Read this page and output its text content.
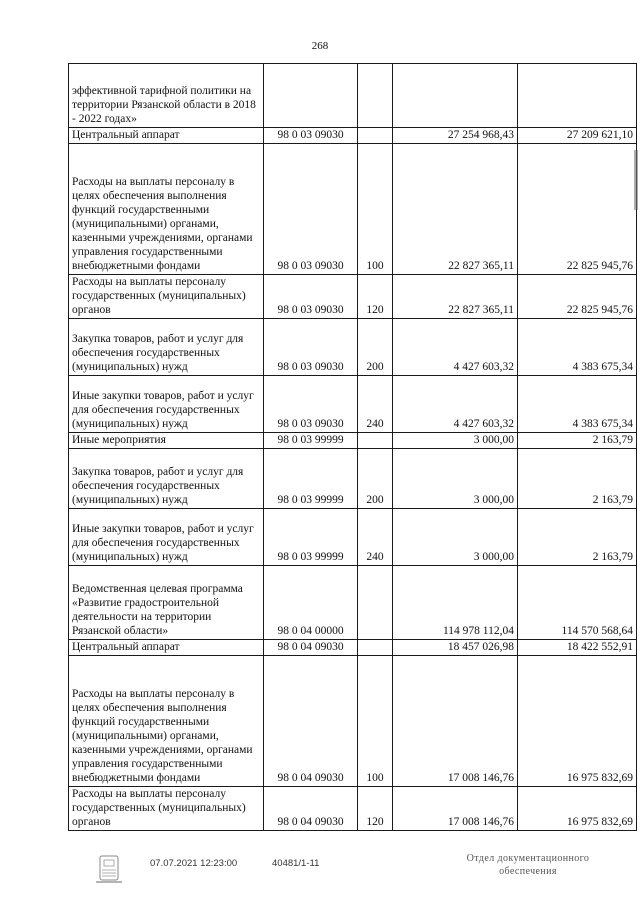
268
эффективной тарифной политики на территории Рязанской области в 2018 - 2022 годах»				
Центральный аппарат	98 0 03 09030		27 254 968,43	27 209 621,10
Расходы на выплаты персоналу в целях обеспечения выполнения функций государственными (муниципальными) органами, казенными учреждениями, органами управления государственными внебюджетными фондами	98 0 03 09030	100	22 827 365,11	22 825 945,76
Расходы на выплаты персоналу государственных (муниципальных) органов	98 0 03 09030	120	22 827 365,11	22 825 945,76
Закупка товаров, работ и услуг для обеспечения государственных (муниципальных) нужд	98 0 03 09030	200	4 427 603,32	4 383 675,34
Иные закупки товаров, работ и услуг для обеспечения государственных (муниципальных) нужд	98 0 03 09030	240	4 427 603,32	4 383 675,34
Иные мероприятия	98 0 03 99999		3 000,00	2 163,79
Закупка товаров, работ и услуг для обеспечения государственных (муниципальных) нужд	98 0 03 99999	200	3 000,00	2 163,79
Иные закупки товаров, работ и услуг для обеспечения государственных (муниципальных) нужд	98 0 03 99999	240	3 000,00	2 163,79
Ведомственная целевая программа «Развитие градостроительной деятельности на территории Рязанской области»	98 0 04 00000		114 978 112,04	114 570 568,64
Центральный аппарат	98 0 04 09030		18 457 026,98	18 422 552,91
Расходы на выплаты персоналу в целях обеспечения выполнения функций государственными (муниципальными) органами, казенными учреждениями, органами управления государственными внебюджетными фондами	98 0 04 09030	100	17 008 146,76	16 975 832,69
Расходы на выплаты персоналу государственных (муниципальных) органов	98 0 04 09030	120	17 008 146,76	16 975 832,69
07.07.2021 12:23:00	40481/1-11	Отдел документационного
обеспечения
